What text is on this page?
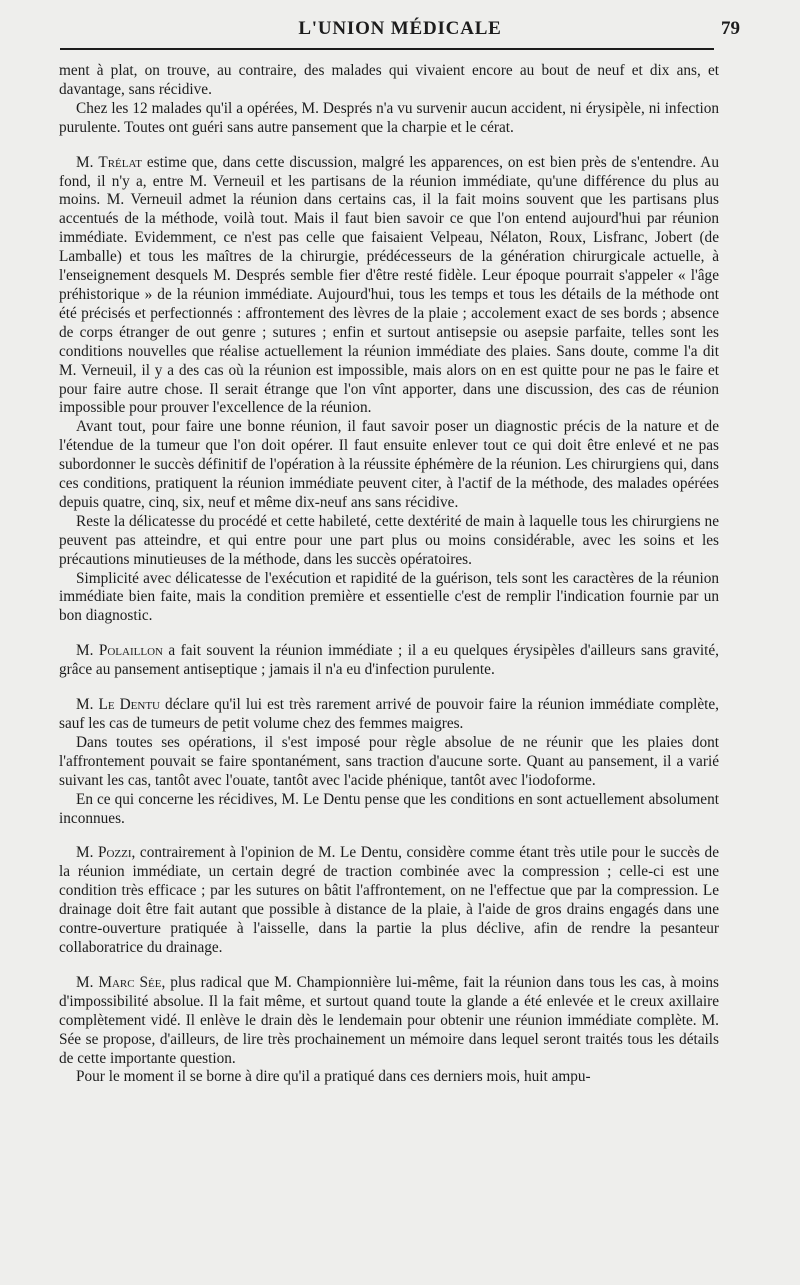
L'UNION MÉDICALE	79

ment à plat, on trouve, au contraire, des malades qui vivaient encore au bout de neuf et dix ans, et davantage, sans récidive.

Chez les 12 malades qu'il a opérées, M. Després n'a vu survenir aucun accident, ni érysipèle, ni infection purulente. Toutes ont guéri sans autre pansement que la charpie et le cérat.

M. Trélat estime que, dans cette discussion, malgré les apparences, on est bien près de s'entendre. Au fond, il n'y a, entre M. Verneuil et les partisans de la réunion immédiate, qu'une différence du plus au moins. M. Verneuil admet la réunion dans certains cas, il la fait moins souvent que les partisans plus accentués de la méthode, voilà tout. Mais il faut bien savoir ce que l'on entend aujourd'hui par réunion immédiate. Evidemment, ce n'est pas celle que faisaient Velpeau, Nélaton, Roux, Lisfranc, Jobert (de Lamballe) et tous les maîtres de la chirurgie, prédécesseurs de la génération chirurgicale actuelle, à l'enseignement desquels M. Després semble fier d'être resté fidèle. Leur époque pourrait s'appeler « l'âge préhistorique » de la réunion immédiate. Aujourd'hui, tous les temps et tous les détails de la méthode ont été précisés et perfectionnés : affrontement des lèvres de la plaie ; accolement exact de ses bords ; absence de corps étranger de out genre ; sutures ; enfin et surtout antisepsie ou asepsie parfaite, telles sont les conditions nouvelles que réalise actuellement la réunion immédiate des plaies. Sans doute, comme l'a dit M. Verneuil, il y a des cas où la réunion est impossible, mais alors on en est quitte pour ne pas le faire et pour faire autre chose. Il serait étrange que l'on vînt apporter, dans une discussion, des cas de réunion impossible pour prouver l'excellence de la réunion.

Avant tout, pour faire une bonne réunion, il faut savoir poser un diagnostic précis de la nature et de l'étendue de la tumeur que l'on doit opérer. Il faut ensuite enlever tout ce qui doit être enlevé et ne pas subordonner le succès définitif de l'opération à la réussite éphémère de la réunion. Les chirurgiens qui, dans ces conditions, pratiquent la réunion immédiate peuvent citer, à l'actif de la méthode, des malades opérées depuis quatre, cinq, six, neuf et même dix-neuf ans sans récidive.

Reste la délicatesse du procédé et cette habileté, cette dextérité de main à laquelle tous les chirurgiens ne peuvent pas atteindre, et qui entre pour une part plus ou moins considérable, avec les soins et les précautions minutieuses de la méthode, dans les succès opératoires.

Simplicité avec délicatesse de l'exécution et rapidité de la guérison, tels sont les caractères de la réunion immédiate bien faite, mais la condition première et essentielle c'est de remplir l'indication fournie par un bon diagnostic.

M. Polaillon a fait souvent la réunion immédiate ; il a eu quelques érysipèles d'ailleurs sans gravité, grâce au pansement antiseptique ; jamais il n'a eu d'infection purulente.

M. Le Dentu déclare qu'il lui est très rarement arrivé de pouvoir faire la réunion immédiate complète, sauf les cas de tumeurs de petit volume chez des femmes maigres.

Dans toutes ses opérations, il s'est imposé pour règle absolue de ne réunir que les plaies dont l'affrontement pouvait se faire spontanément, sans traction d'aucune sorte. Quant au pansement, il a varié suivant les cas, tantôt avec l'ouate, tantôt avec l'acide phénique, tantôt avec l'iodoforme.

En ce qui concerne les récidives, M. Le Dentu pense que les conditions en sont actuellement absolument inconnues.

M. Pozzi, contrairement à l'opinion de M. Le Dentu, considère comme étant très utile pour le succès de la réunion immédiate, un certain degré de traction combinée avec la compression ; celle-ci est une condition très efficace ; par les sutures on bâtit l'affrontement, on ne l'effectue que par la compression. Le drainage doit être fait autant que possible à distance de la plaie, à l'aide de gros drains engagés dans une contre-ouverture pratiquée à l'aisselle, dans la partie la plus déclive, afin de rendre la pesanteur collaboratrice du drainage.

M. Marc Sée, plus radical que M. Championnière lui-même, fait la réunion dans tous les cas, à moins d'impossibilité absolue. Il la fait même, et surtout quand toute la glande a été enlevée et le creux axillaire complètement vidé. Il enlève le drain dès le lendemain pour obtenir une réunion immédiate complète. M. Sée se propose, d'ailleurs, de lire très prochainement un mémoire dans lequel seront traités tous les détails de cette importante question.

Pour le moment il se borne à dire qu'il a pratiqué dans ces derniers mois, huit ampu-
